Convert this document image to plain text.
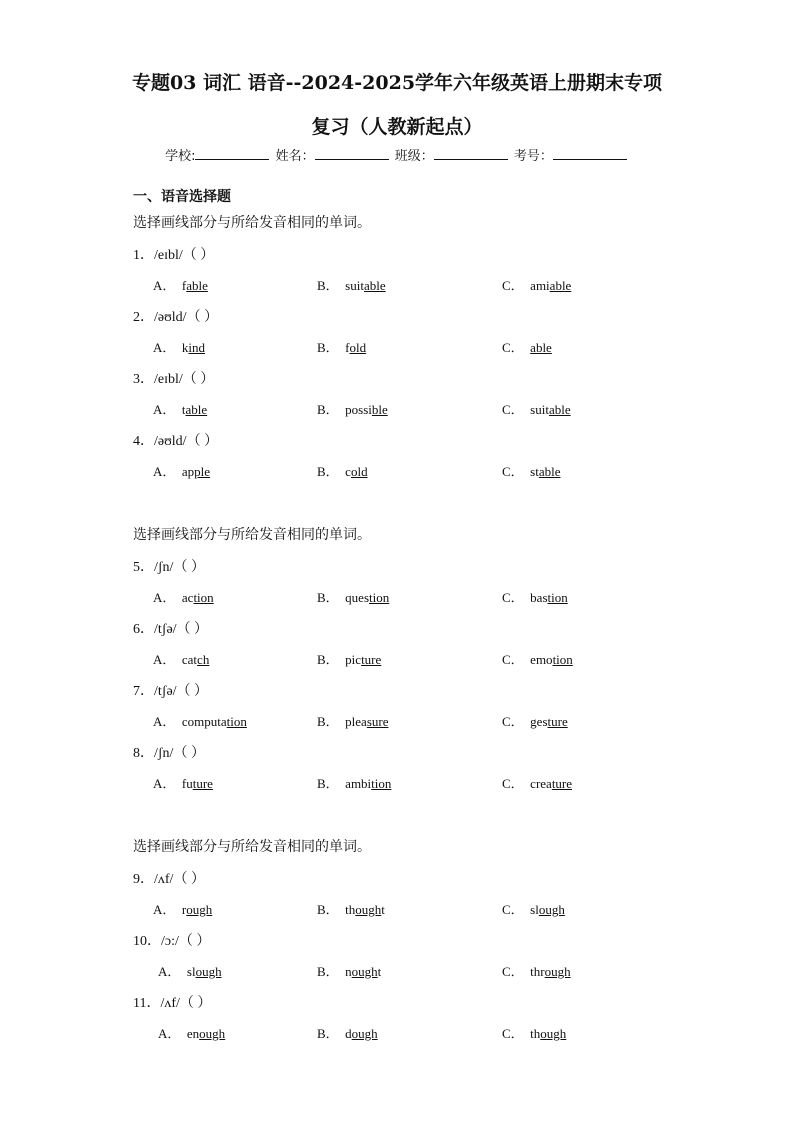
专题03 词汇 语音--2024-2025学年六年级英语上册期末专项
复习（人教新起点）
学校:	姓名：	班级：	考号：
一、语音选择题
选择画线部分与所给发音相同的单词。
1．/eɪbl/（ ）
A． fable	B． suitable	C． amiable
2．/əʊld/（ ）
A． kind	B． fold	C． able
3．/eɪbl/（ ）
A． table	B． possible	C． suitable
4．/əʊld/（ ）
A． apple	B． cold	C． stable
选择画线部分与所给发音相同的单词。
5．/ʃn/（ ）
A． action	B． question	C． bastion
6．/tʃə/（ ）
A． catch	B． picture	C． emotion
7．/tʃə/（ ）
A． computation	B． pleasure	C． gesture
8．/ʃn/（ ）
A． future	B． ambition	C． creature
选择画线部分与所给发音相同的单词。
9．/ʌf/（ ）
A． rough	B． thought	C． slough
10．/ɔ:/（ ）
A． slough	B． nought	C． through
11．/ʌf/（ ）
A． enough	B． dough	C． though
